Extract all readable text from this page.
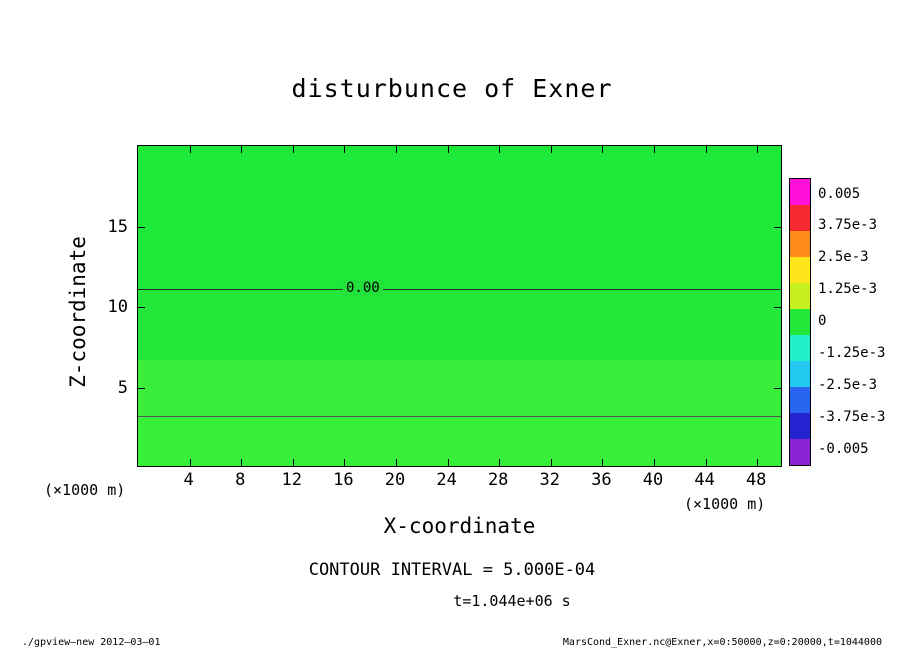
disturbunce of Exner
0.00
4	8	12	16	20	24	28	32	36	40	44	48
5
10
15
X-coordinate
Z-coordinate
(×1000 m)
(×1000 m)
0.005
3.75e-3
2.5e-3
1.25e-3
0
-1.25e-3
-2.5e-3
-3.75e-3
-0.005
CONTOUR INTERVAL = 5.000E-04
t=1.044e+06 s
./gpview—new 2012—03—01	MarsCond_Exner.nc@Exner,x=0:50000,z=0:20000,t=1044000
